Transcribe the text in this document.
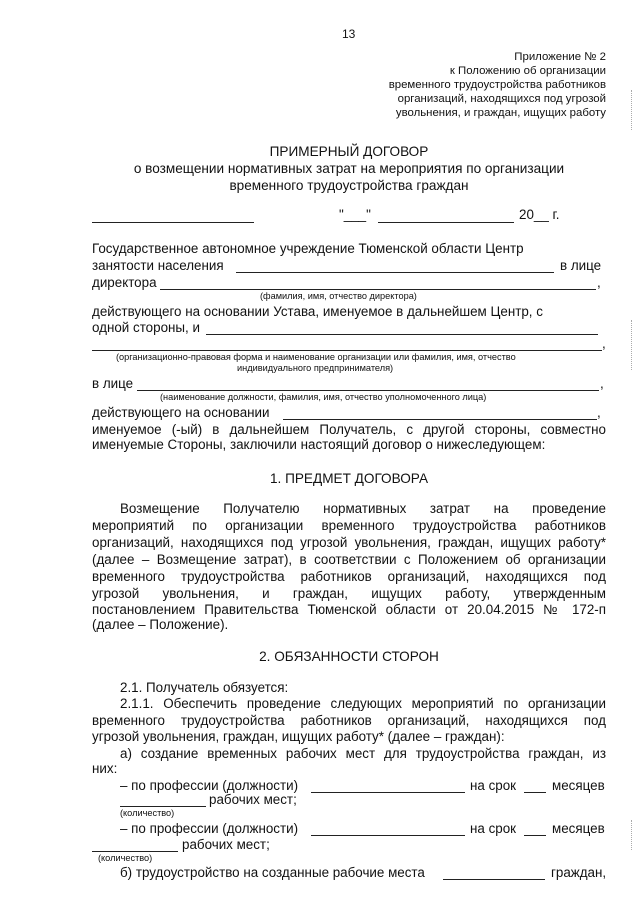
13
Приложение № 2
к Положению об организации
временного трудоустройства работников
организаций, находящихся под угрозой
увольнения, и граждан, ищущих работу
ПРИМЕРНЫЙ ДОГОВОР
о возмещении нормативных затрат на мероприятия по организации
временного трудоустройства граждан
"___"	20__ г.
Государственное автономное учреждение Тюменской области Центр
занятости населения	в лице
директора	,
(фамилия, имя, отчество директора)
действующего на основании Устава, именуемое в дальнейшем Центр, с
одной стороны, и
,
(организационно-правовая форма и наименование организации или фамилия, имя, отчество
индивидуального предпринимателя)
в лице	,
(наименование должности, фамилия, имя, отчество уполномоченного лица)
действующего на основании	,
именуемое (-ый) в дальнейшем Получатель, с другой стороны, совместно
именуемые Стороны, заключили настоящий договор о нижеследующем:
1. ПРЕДМЕТ ДОГОВОРА
Возмещение Получателю нормативных затрат на проведение
мероприятий по организации временного трудоустройства работников
организаций, находящихся под угрозой увольнения, граждан, ищущих работу*
(далее – Возмещение затрат), в соответствии с Положением об организации
временного трудоустройства работников организаций, находящихся под
угрозой увольнения, и граждан, ищущих работу, утвержденным
постановлением Правительства Тюменской области от 20.04.2015 № 172-п
(далее – Положение).
2. ОБЯЗАННОСТИ СТОРОН
2.1. Получатель обязуется:
2.1.1. Обеспечить проведение следующих мероприятий по организации
временного трудоустройства работников организаций, находящихся под
угрозой увольнения, граждан, ищущих работу* (далее – граждан):
а) создание временных рабочих мест для трудоустройства граждан, из
них:
– по профессии (должности)	на срок	месяцев
рабочих мест;
(количество)
– по профессии (должности)	на срок	месяцев
рабочих мест;
(количество)
б) трудоустройство на созданные рабочие места	граждан,
